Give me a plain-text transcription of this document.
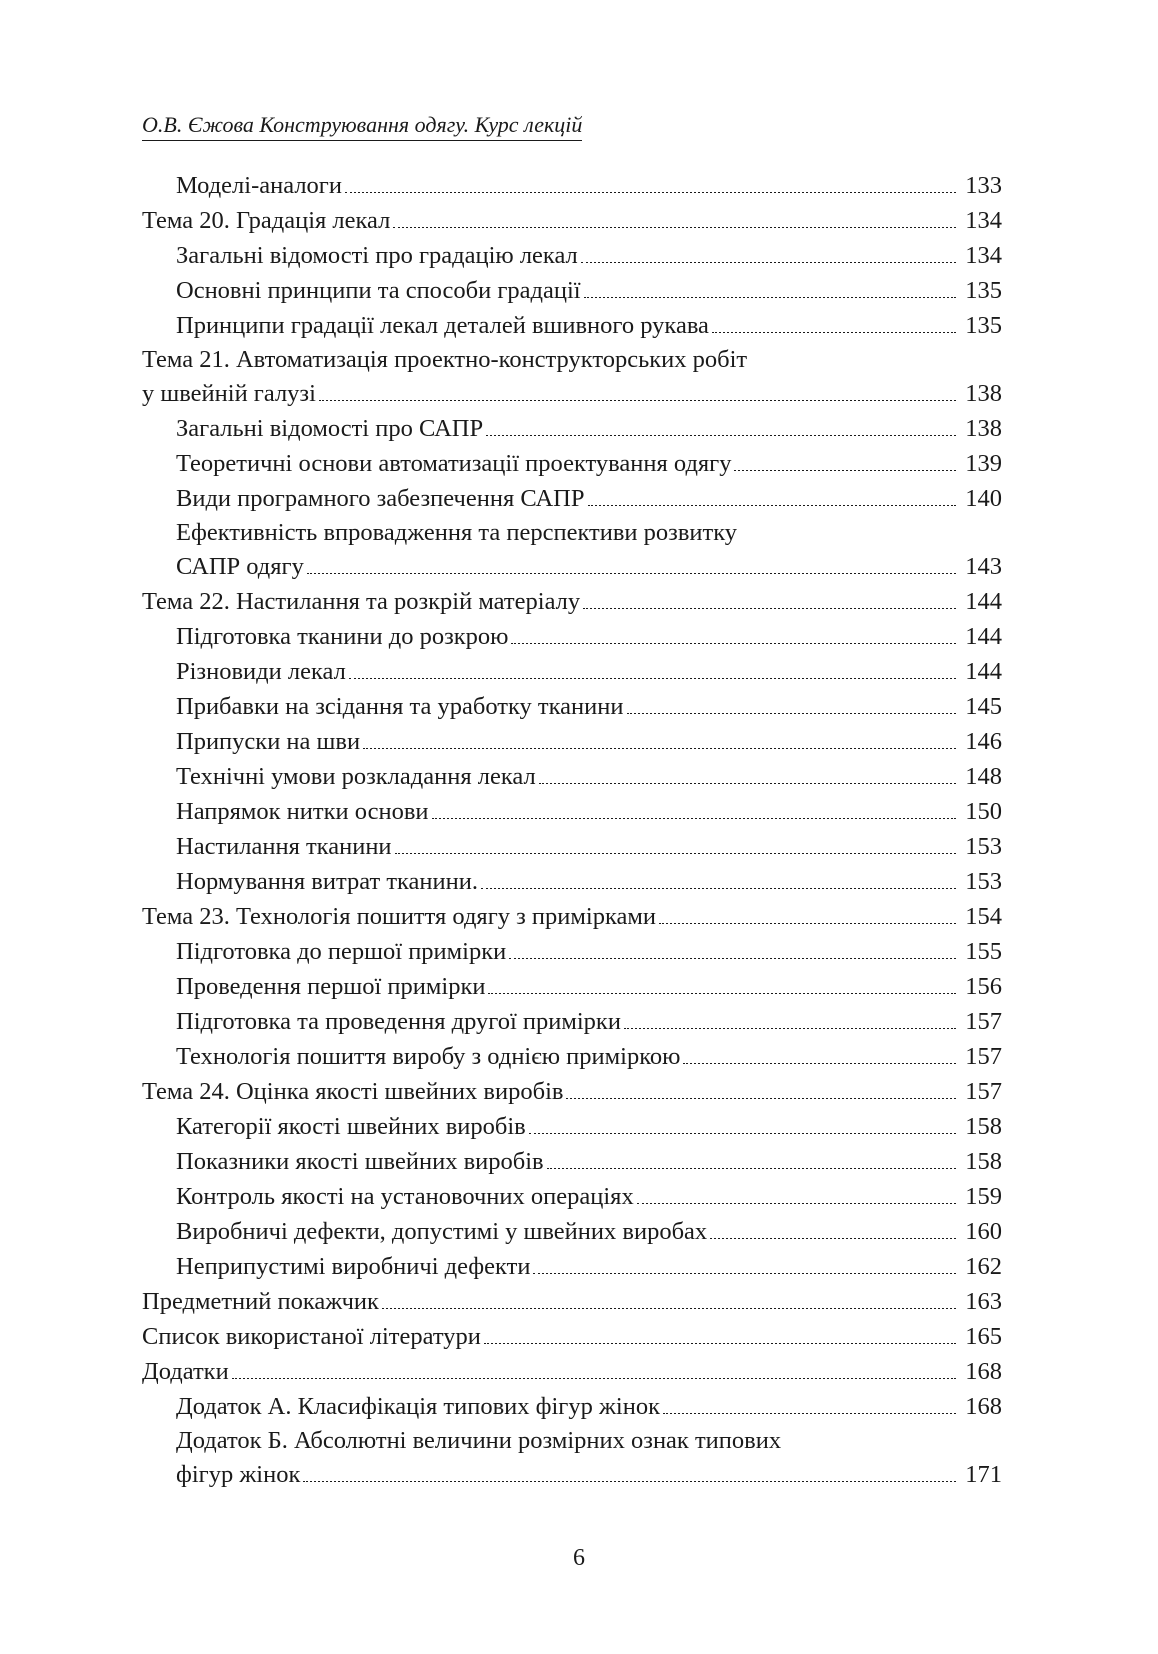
О.В. Єжова Конструювання одягу. Курс лекцій
Моделі-аналоги	133
Тема 20. Градація лекал	134
Загальні відомості про градацію лекал	134
Основні принципи та способи градації	135
Принципи градації лекал деталей вшивного рукава	135
Тема 21. Автоматизація проектно-конструкторських робіт
у швейній галузі	138
Загальні відомості про САПР	138
Теоретичні основи автоматизації проектування одягу	139
Види програмного забезпечення САПР	140
Ефективність впровадження та перспективи розвитку
САПР одягу	143
Тема 22. Настилання та розкрій матеріалу	144
Підготовка тканини до розкрою	144
Різновиди лекал	144
Прибавки на зсідання та уработку тканини	145
Припуски на шви	146
Технічні умови розкладання лекал	148
Напрямок нитки основи	150
Настилання тканини	153
Нормування витрат тканини.	153
Тема 23. Технологія пошиття одягу з примірками	154
Підготовка до першої примірки	155
Проведення першої примірки	156
Підготовка та проведення другої примірки	157
Технологія пошиття виробу з однією приміркою	157
Тема 24. Оцінка якості швейних виробів	157
Категорії якості швейних виробів	158
Показники якості швейних виробів	158
Контроль якості на установочних операціях	159
Виробничі дефекти, допустимі у швейних виробах	160
Неприпустимі виробничі дефекти	162
Предметний покажчик	163
Список використаної літератури	165
Додатки	168
Додаток А. Класифікація типових фігур жінок	168
Додаток Б. Абсолютні величини розмірних ознак типових
фігур жінок	171
6
